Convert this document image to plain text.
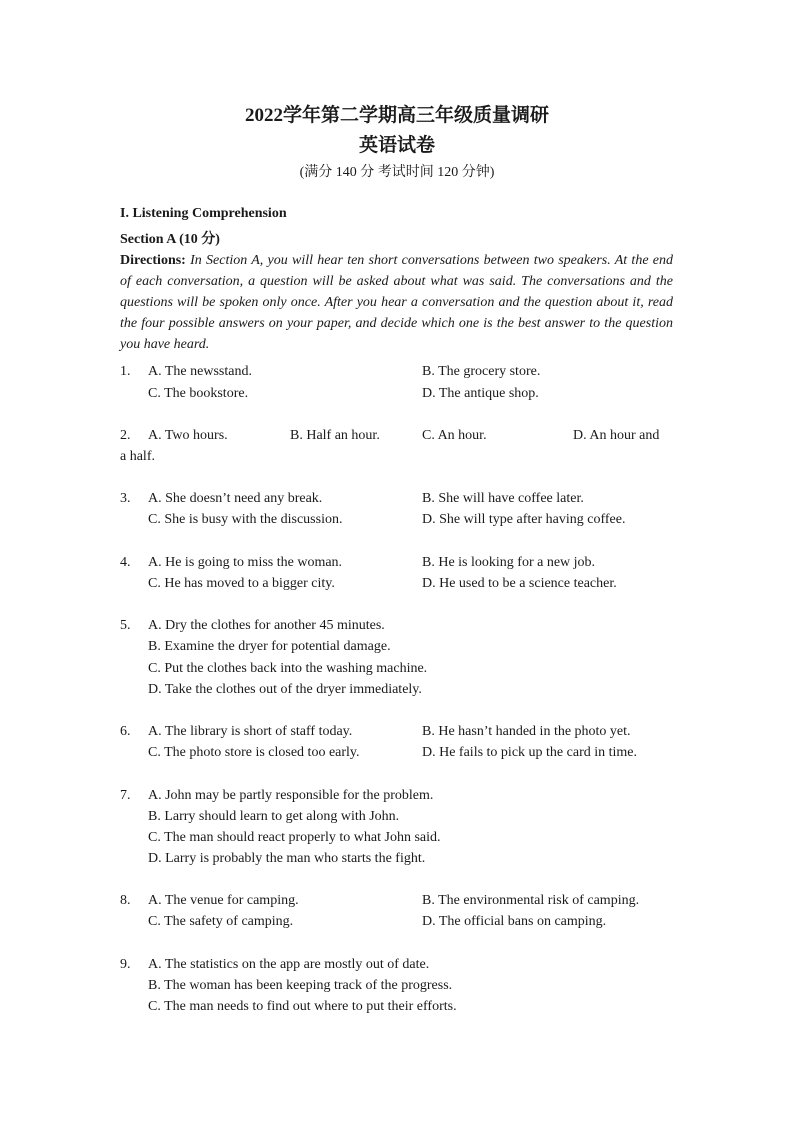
2022学年第二学期高三年级质量调研
英语试卷
(满分 140 分 考试时间 120 分钟)
I. Listening Comprehension
Section A (10 分)
Directions: In Section A, you will hear ten short conversations between two speakers. At the end of each conversation, a question will be asked about what was said. The conversations and the questions will be spoken only once. After you hear a conversation and the question about it, read the four possible answers on your paper, and decide which one is the best answer to the question you have heard.
1. A. The newsstand.	B. The grocery store.
C. The bookstore.	D. The antique shop.
2. A. Two hours.	B. Half an hour.	C. An hour.	D. An hour and
a half.
3. A. She doesn’t need any break.	B. She will have coffee later.
C. She is busy with the discussion.	D. She will type after having coffee.
4. A. He is going to miss the woman.	B. He is looking for a new job.
C. He has moved to a bigger city.	D. He used to be a science teacher.
5. A. Dry the clothes for another 45 minutes.
B. Examine the dryer for potential damage.
C. Put the clothes back into the washing machine.
D. Take the clothes out of the dryer immediately.
6. A. The library is short of staff today.	B. He hasn’t handed in the photo yet.
C. The photo store is closed too early.	D. He fails to pick up the card in time.
7. A. John may be partly responsible for the problem.
B. Larry should learn to get along with John.
C. The man should react properly to what John said.
D. Larry is probably the man who starts the fight.
8. A. The venue for camping.	B. The environmental risk of camping.
C. The safety of camping.	D. The official bans on camping.
9. A. The statistics on the app are mostly out of date.
B. The woman has been keeping track of the progress.
C. The man needs to find out where to put their efforts.
